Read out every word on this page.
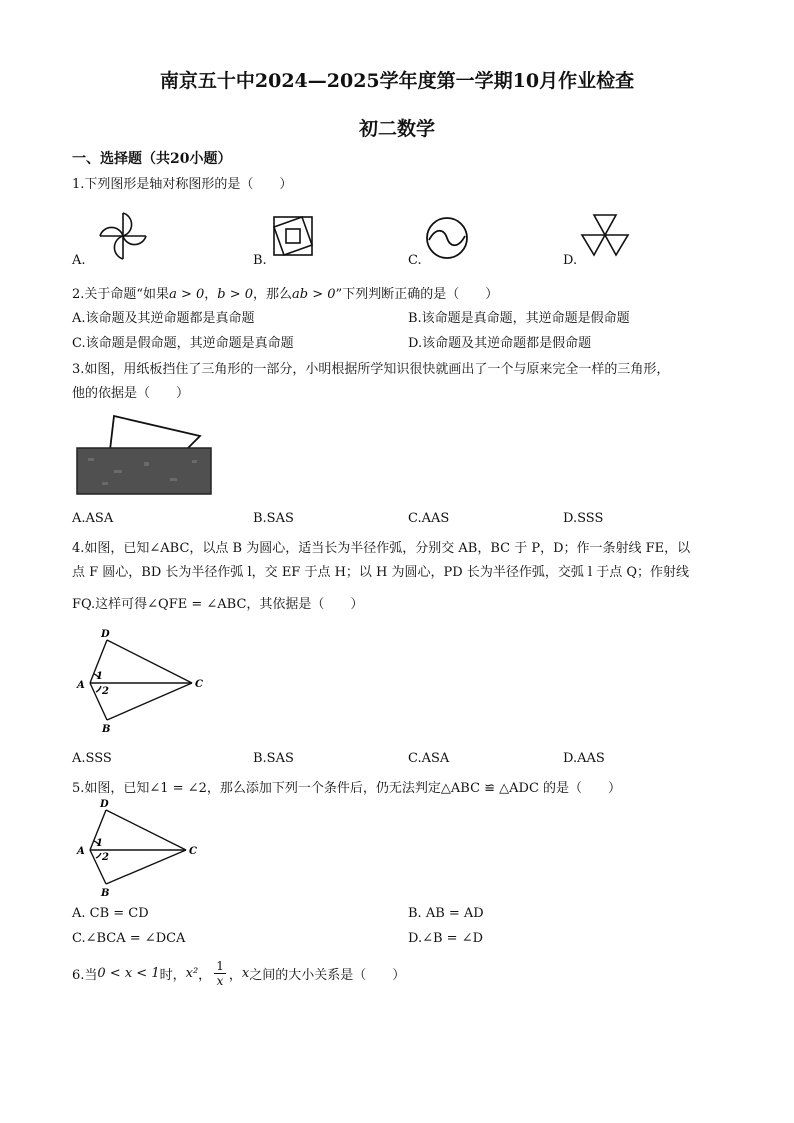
南京五十中2024—2025学年度第一学期10月作业检查
初二数学
一、选择题（共20小题）
1.下列图形是轴对称图形的是（　　）
A.	B.	C.	D.
2.关于命题“如果a > 0，b > 0，那么ab > 0”下列判断正确的是（　　）
A.该命题及其逆命题都是真命题	B.该命题是真命题，其逆命题是假命题
C.该命题是假命题，其逆命题是真命题	D.该命题及其逆命题都是假命题
3.如图，用纸板挡住了三角形的一部分，小明根据所学知识很快就画出了一个与原来完全一样的三角形，
他的依据是（　　）
A.ASA	B.SAS	C.AAS	D.SSS
4.如图，已知∠ABC，以点 B 为圆心，适当长为半径作弧，分别交 AB，BC 于 P，D；作一条射线 FE，以
点 F 圆心，BD 长为半径作弧 l，交 EF 于点 H；以 H 为圆心，PD 长为半径作弧，交弧 l 于点 Q；作射线
FQ.这样可得∠QFE = ∠ABC，其依据是（　　）
D
A	C
B
1
2
A.SSS	B.SAS	C.ASA	D.AAS
5.如图，已知∠1 = ∠2，那么添加下列一个条件后，仍无法判定△ABC ≌ △ADC 的是（　　）
D
A	C
B
1
2
A. CB = CD	B. AB = AD
C.∠BCA = ∠DCA	D.∠B = ∠D
6.当 0 < x < 1 时， x² ， $\frac{1}{x}$ ， x 之间的大小关系是（　　）
